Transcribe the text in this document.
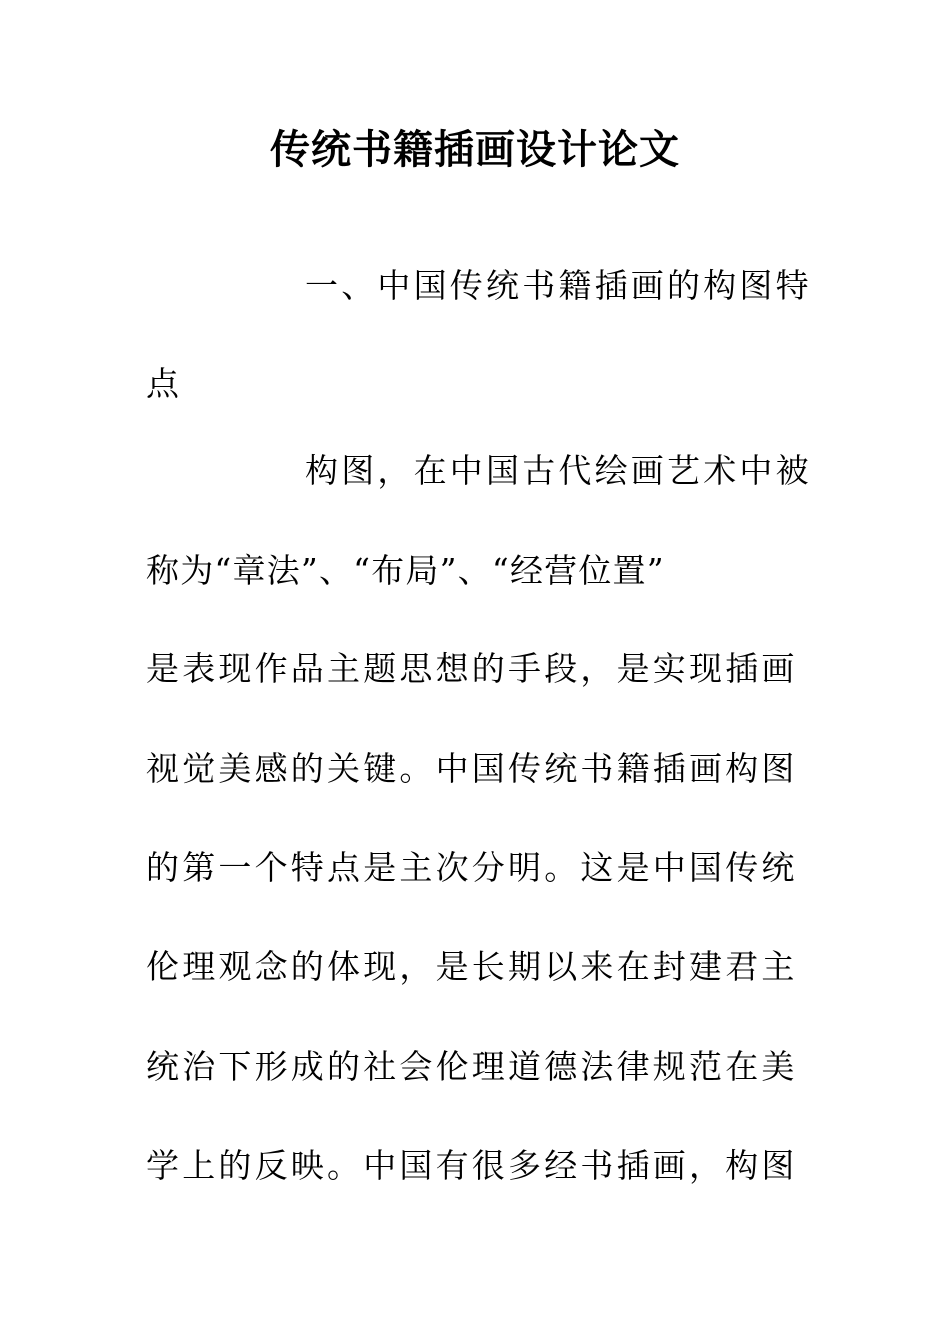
传统书籍插画设计论文
一、中国传统书籍插画的构图特
点
构图，在中国古代绘画艺术中被
称为“章法”、“布局”、“经营位置”
是表现作品主题思想的手段，是实现插画
视觉美感的关键。中国传统书籍插画构图
的第一个特点是主次分明。这是中国传统
伦理观念的体现，是长期以来在封建君主
统治下形成的社会伦理道德法律规范在美
学上的反映。中国有很多经书插画，构图
